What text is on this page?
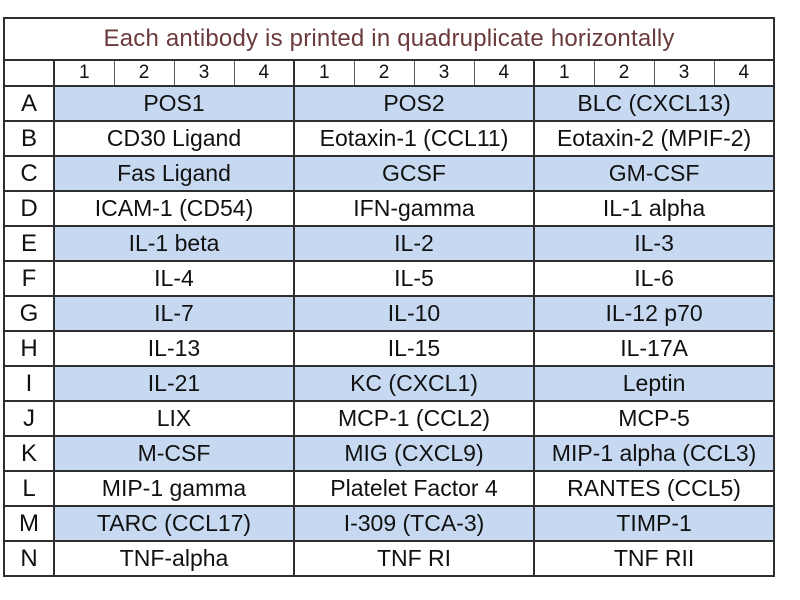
Each antibody is printed in quadruplicate horizontally												
	1	2	3	4	1	2	3	4	1	2	3	4
A	POS1				POS2				BLC (CXCL13)			
B	CD30 Ligand				Eotaxin-1 (CCL11)				Eotaxin-2 (MPIF-2)			
C	Fas Ligand				GCSF				GM-CSF			
D	ICAM-1 (CD54)				IFN-gamma				IL-1 alpha			
E	IL-1 beta				IL-2				IL-3			
F	IL-4				IL-5				IL-6			
G	IL-7				IL-10				IL-12 p70			
H	IL-13				IL-15				IL-17A			
I	IL-21				KC (CXCL1)				Leptin			
J	LIX				MCP-1 (CCL2)				MCP-5			
K	M-CSF				MIG (CXCL9)				MIP-1 alpha (CCL3)			
L	MIP-1 gamma				Platelet Factor 4				RANTES (CCL5)			
M	TARC (CCL17)				I-309 (TCA-3)				TIMP-1			
N	TNF-alpha				TNF RI				TNF RII			
